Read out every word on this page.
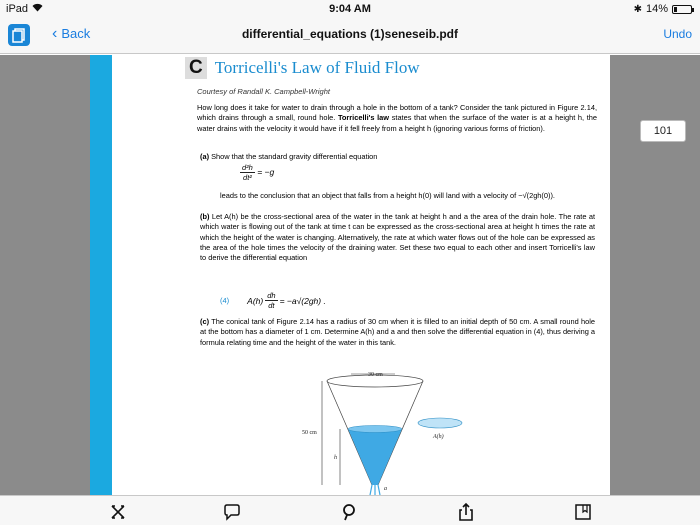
iPad	9:04 AM	✱ 14%
‹ Back	differential_equations (1)seneseib.pdf	Undo
C Torricelli's Law of Fluid Flow
Courtesy of Randall K. Campbell-Wright
How long does it take for water to drain through a hole in the bottom of a tank? Consider the tank pictured in Figure 2.14, which drains through a small, round hole. Torricelli's law states that when the surface of the water is at a height h, the water drains with the velocity it would have if it fell freely from a height h (ignoring various forms of friction).
(a) Show that the standard gravity differential equation
$\frac{\text{d²h}}{\text{dt²}} = -g$
leads to the conclusion that an object that falls from a height h(0) will land with a velocity of −√(2gh(0)).
(b) Let A(h) be the cross-sectional area of the water in the tank at height h and a the area of the drain hole. The rate at which water is flowing out of the tank at time t can be expressed as the cross-sectional area at height h times the rate at which the height of the water is changing. Alternatively, the rate at which water flows out of the hole can be expressed as the area of the hole times the velocity of the draining water. Set these two equal to each other and insert Torricelli's law to derive the differential equation
(4) $A(h) \frac{dh}{dt} = -a√(2gh)$ .
(c) The conical tank of Figure 2.14 has a radius of 30 cm when it is filled to an initial depth of 50 cm. A small round hole at the bottom has a diameter of 1 cm. Determine A(h) and a and then solve the differential equation in (4), thus deriving a formula relating time and the height of the water in this tank.
30 cm
50 cm
h
a
A(h)
101
